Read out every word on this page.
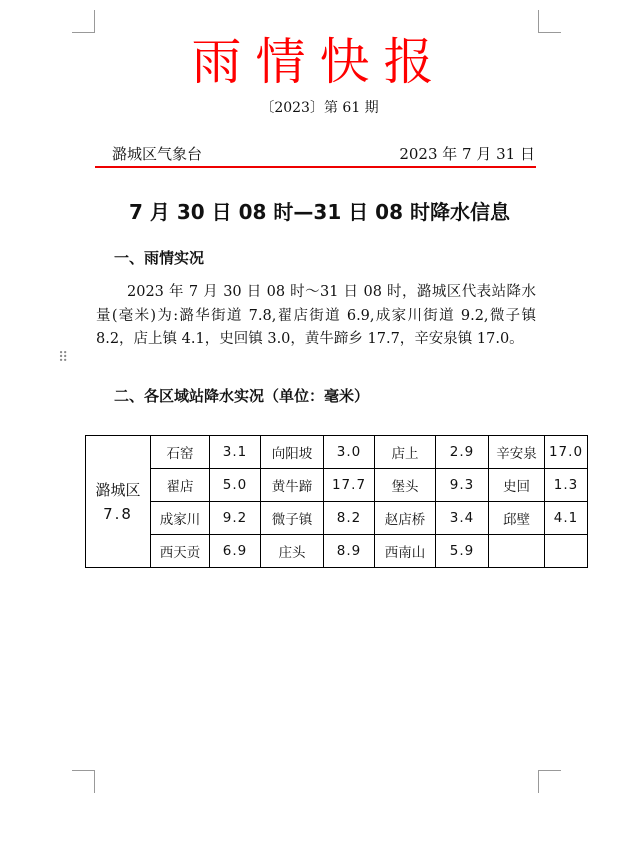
雨情快报
〔2023〕第 61 期
潞城区气象台	2023 年 7 月 31 日
7 月 30 日 08 时—31 日 08 时降水信息
一、雨情实况
2023 年 7 月 30 日 08 时～31 日 08 时，潞城区代表站降水量(毫米)为:潞华街道 7.8,翟店街道 6.9,成家川街道 9.2,微子镇 8.2，店上镇 4.1，史回镇 3.0，黄牛蹄乡 17.7，辛安泉镇 17.0。
⠿
二、各区域站降水实况（单位：毫米）
潞城区
7.8	石窑	3.1	向阳坡	3.0	店上	2.9	辛安泉	17.0
	翟店	5.0	黄牛蹄	17.7	堡头	9.3	史回	1.3
	成家川	9.2	微子镇	8.2	赵店桥	3.4	邱壁	4.1
	西天贡	6.9	庄头	8.9	西南山	5.9		
